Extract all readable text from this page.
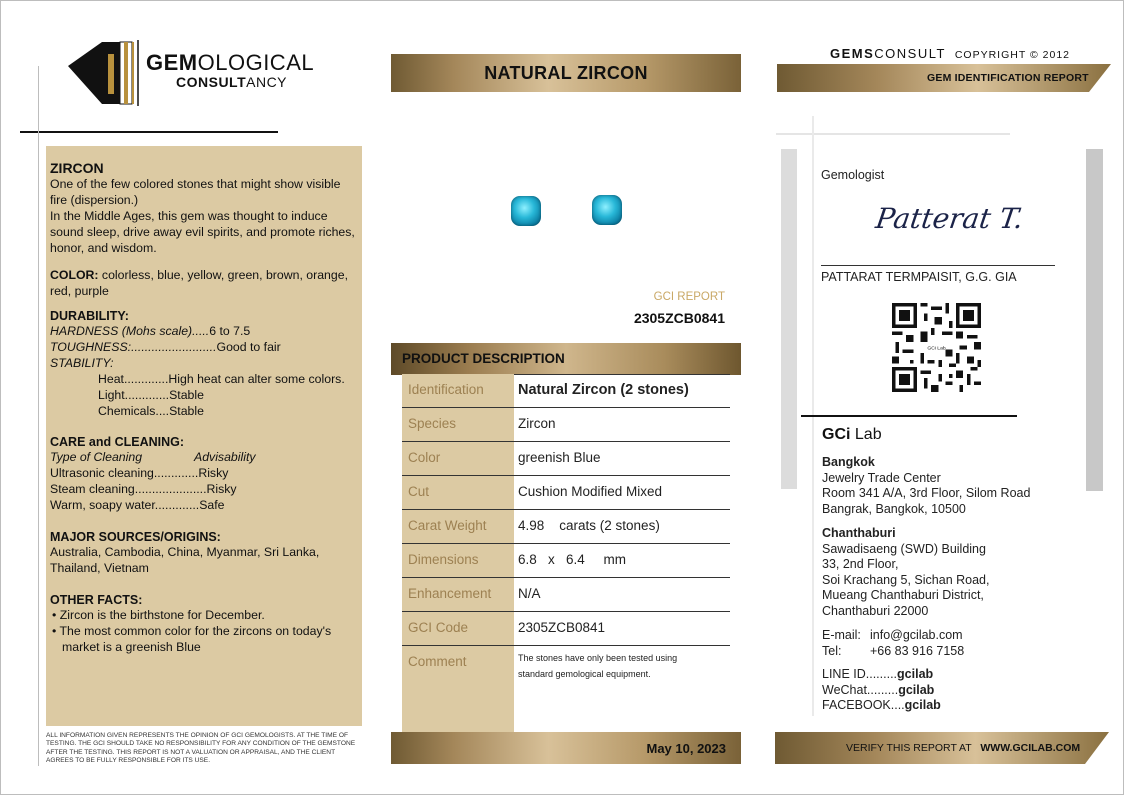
GEMOLOGICAL
CONSULTANCY
ZIRCON
One of the few colored stones that might show visible fire (dispersion.)
In the Middle Ages, this gem was thought to induce sound sleep, drive away evil spirits, and promote riches, honor, and wisdom.
COLOR: colorless, blue, yellow, green, brown, orange, red, purple
DURABILITY:
HARDNESS (Mohs scale).....6 to 7.5
TOUGHNESS:.........................Good to fair
STABILITY:
Heat.............High heat can alter some colors.
Light.............Stable
Chemicals....Stable
CARE and CLEANING:
Type of Cleaning	Advisability
Ultrasonic cleaning.............Risky
Steam cleaning.....................Risky
Warm, soapy water.............Safe
MAJOR SOURCES/ORIGINS:
Australia, Cambodia, China, Myanmar, Sri Lanka, Thailand, Vietnam
OTHER FACTS:
• Zircon is the birthstone for December.
• The most common color for the zircons on today's market is a greenish Blue
ALL INFORMATION GIVEN REPRESENTS THE OPINION OF GCI GEMOLOGISTS. AT THE TIME OF TESTING. THE GCI SHOULD TAKE NO RESPONSIBILITY FOR ANY CONDITION OF THE GEMSTONE AFTER THE TESTING. THIS REPORT IS NOT A VALUATION OR APPRAISAL, AND THE CLIENT AGREES TO BE FULLY RESPONSIBLE FOR ITS USE.
NATURAL ZIRCON
GCI REPORT
2305ZCB0841
PRODUCT DESCRIPTION
Identification	Natural Zircon (2 stones)
Species	Zircon
Color	greenish Blue
Cut	Cushion Modified Mixed
Carat Weight	4.98    carats (2 stones)
Dimensions	6.8   x   6.4     mm
Enhancement	N/A
GCI Code	2305ZCB0841
Comment	The stones have only been tested using standard gemological equipment.
May 10, 2023
GEMSCONSULT COPYRIGHT © 2012
GEM IDENTIFICATION REPORT
Gemologist
Patterat T.
PATTARAT TERMPAISIT, G.G. GIA
GCi Lab
GCi Lab
Bangkok
Jewelry Trade Center
Room 341 A/A, 3rd Floor, Silom Road
Bangrak, Bangkok, 10500
Chanthaburi
Sawadisaeng (SWD) Building
33, 2nd Floor,
Soi Krachang 5, Sichan Road,
Mueang Chanthaburi District,
Chanthaburi 22000
E-mail: info@gcilab.com
Tel: +66 83 916 7158
LINE ID.........gcilab
WeChat.........gcilab
FACEBOOK....gcilab
VERIFY THIS REPORT AT WWW.GCILAB.COM
